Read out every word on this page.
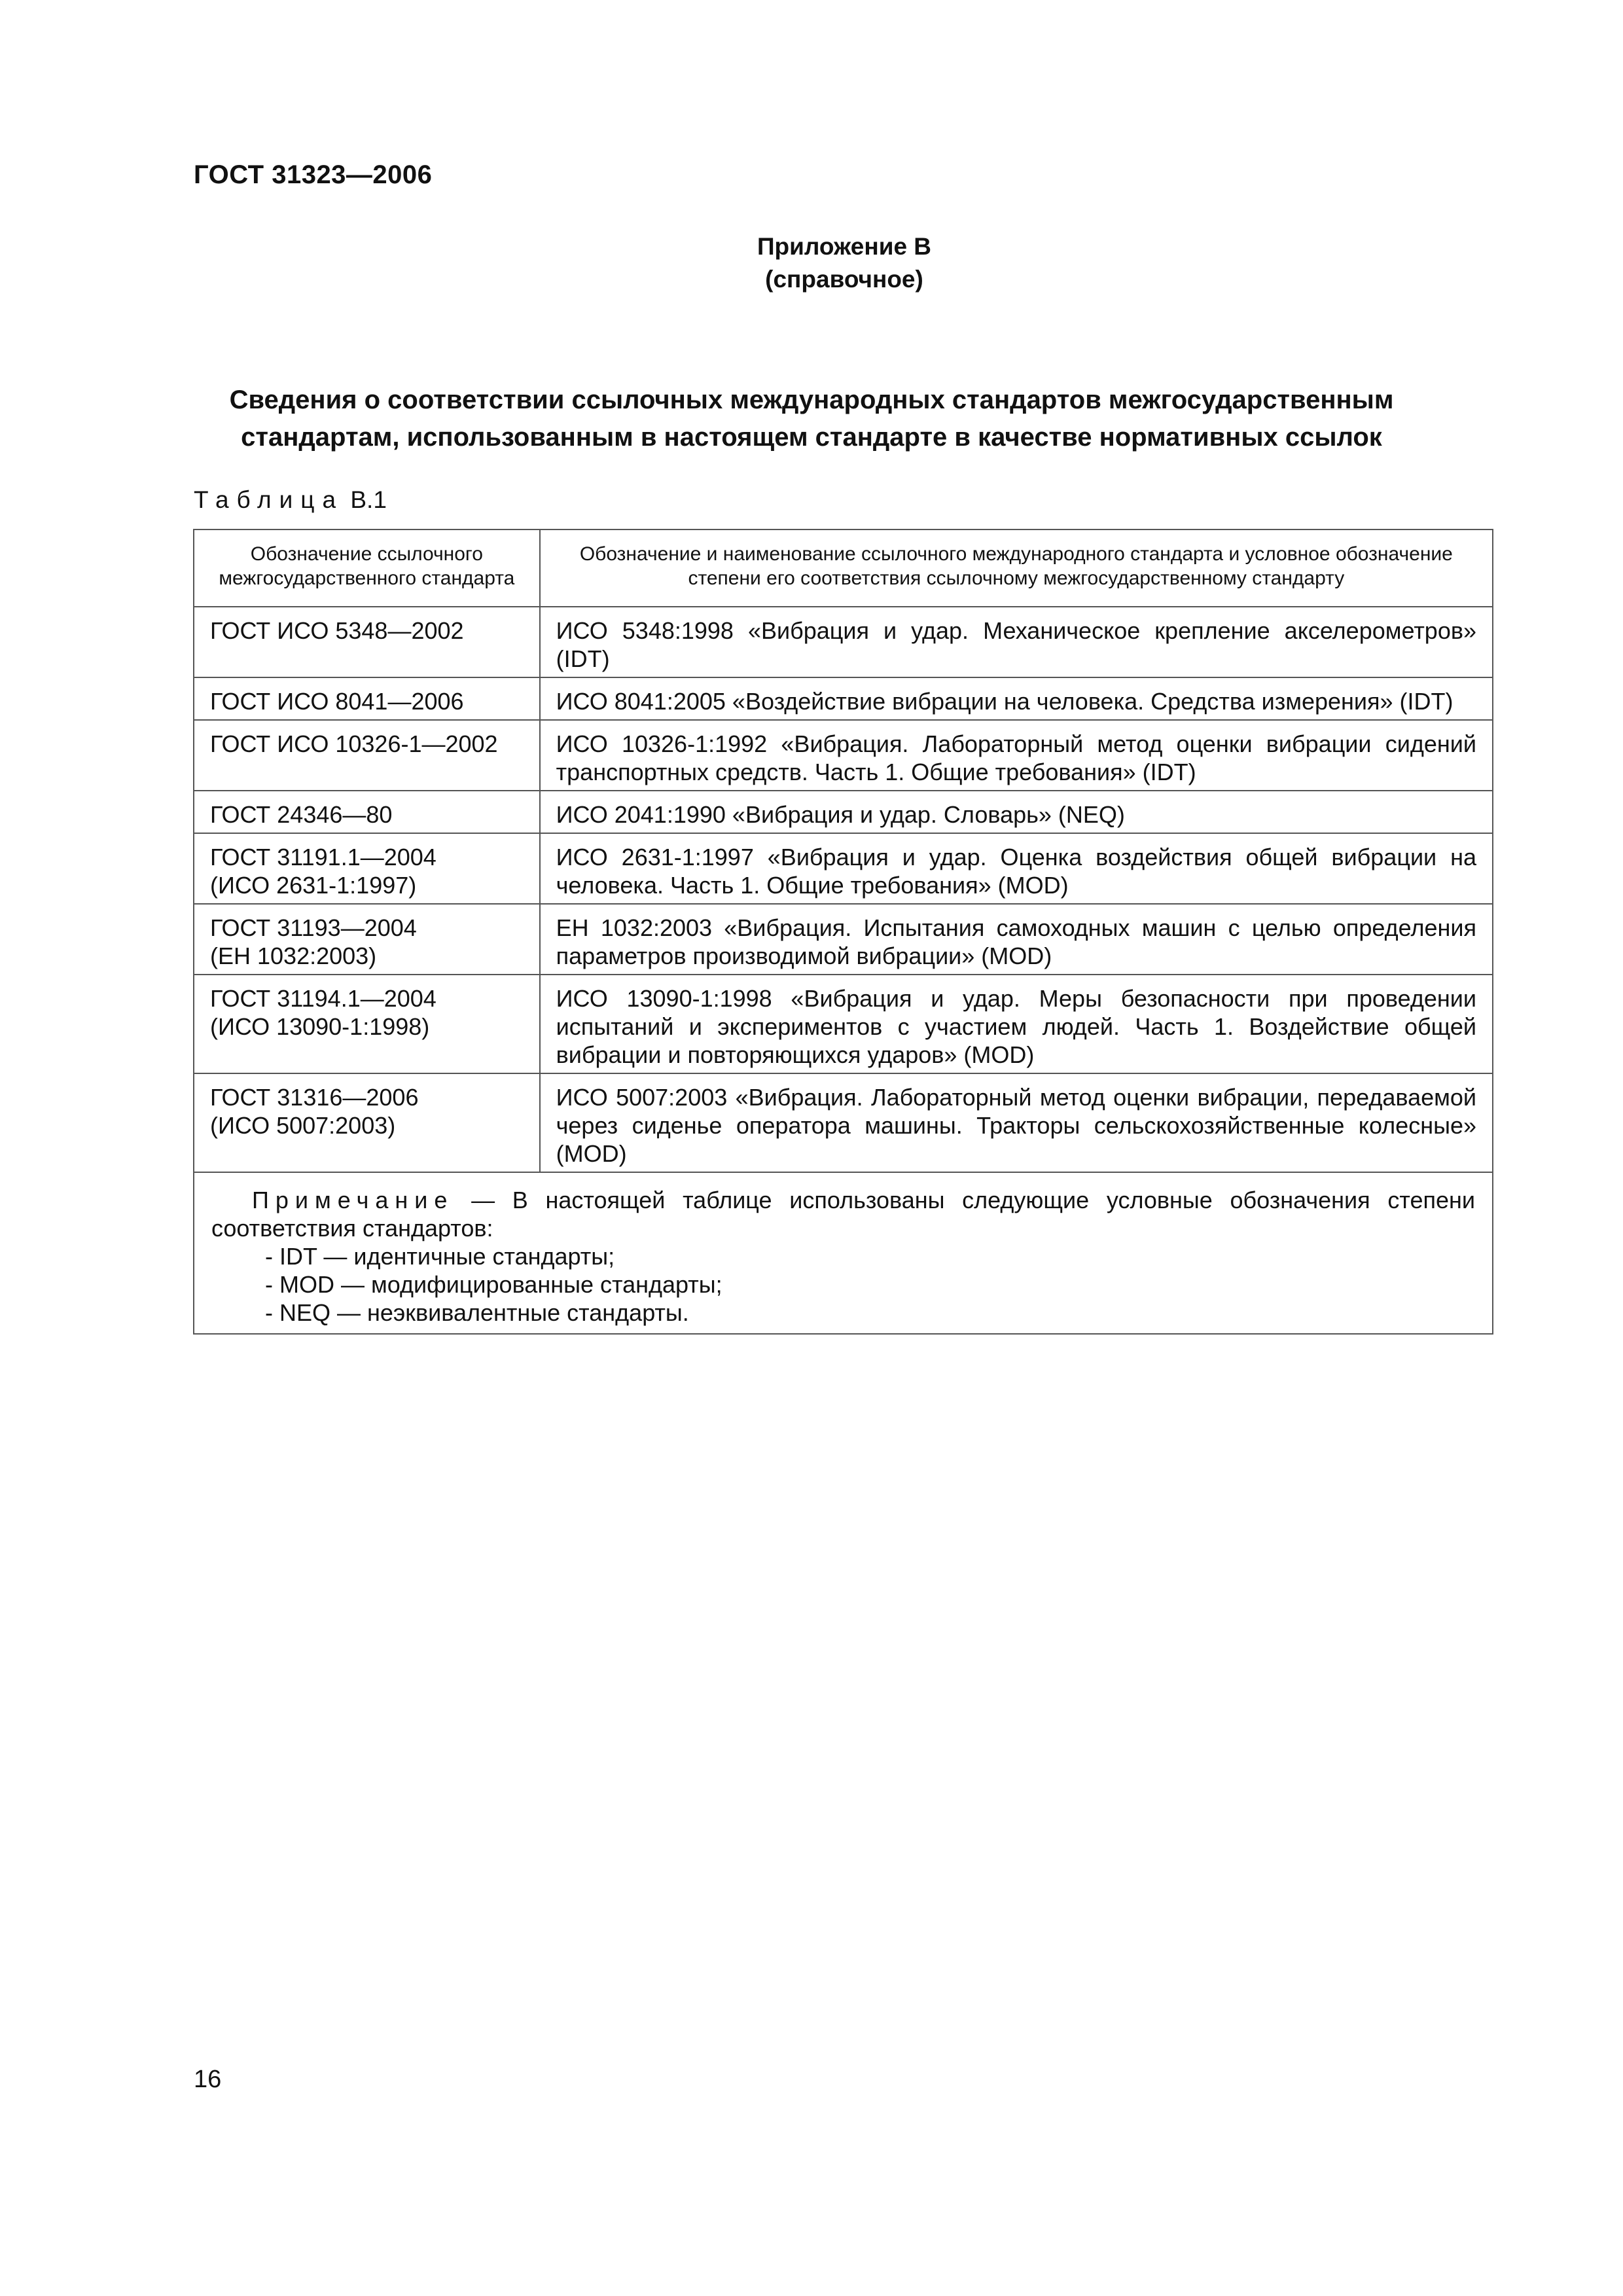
ГОСТ 31323—2006
Приложение В
(справочное)
Сведения о соответствии ссылочных международных стандартов межгосударственным
стандартам, использованным в настоящем стандарте в качестве нормативных ссылок
Таблица В.1
Обозначение ссылочного межгосударственного стандарта	Обозначение и наименование ссылочного международного стандарта и условное обозначение степени его соответствия ссылочному межгосударственному стандарту

ГОСТ ИСО 5348—2002	ИСО 5348:1998 «Вибрация и удар. Механическое крепление акселерометров» (IDT)

ГОСТ ИСО 8041—2006	ИСО 8041:2005 «Воздействие вибрации на человека. Средства измерения» (IDT)

ГОСТ ИСО 10326-1—2002	ИСО 10326-1:1992 «Вибрация. Лабораторный метод оценки вибрации сидений транспортных средств. Часть 1. Общие требования» (IDT)

ГОСТ 24346—80	ИСО 2041:1990 «Вибрация и удар. Словарь» (NEQ)

ГОСТ 31191.1—2004
(ИСО 2631-1:1997)	ИСО 2631-1:1997 «Вибрация и удар. Оценка воздействия общей вибрации на человека. Часть 1. Общие требования» (MOD)

ГОСТ 31193—2004
(ЕН 1032:2003)	ЕН 1032:2003 «Вибрация. Испытания самоходных машин с целью определения параметров производимой вибрации» (MOD)

ГОСТ 31194.1—2004
(ИСО 13090-1:1998)	ИСО 13090-1:1998 «Вибрация и удар. Меры безопасности при проведении испытаний и экспериментов с участием людей. Часть 1. Воздействие общей вибрации и повторяющихся ударов» (MOD)

ГОСТ 31316—2006
(ИСО 5007:2003)	ИСО 5007:2003 «Вибрация. Лабораторный метод оценки вибрации, передаваемой через сиденье оператора машины. Тракторы сельскохозяйственные колесные» (MOD)

Примечание — В настоящей таблице использованы следующие условные обозначения степени соответствия стандартов:
- IDT — идентичные стандарты;
- MOD — модифицированные стандарты;
- NEQ — неэквивалентные стандарты.	
16
